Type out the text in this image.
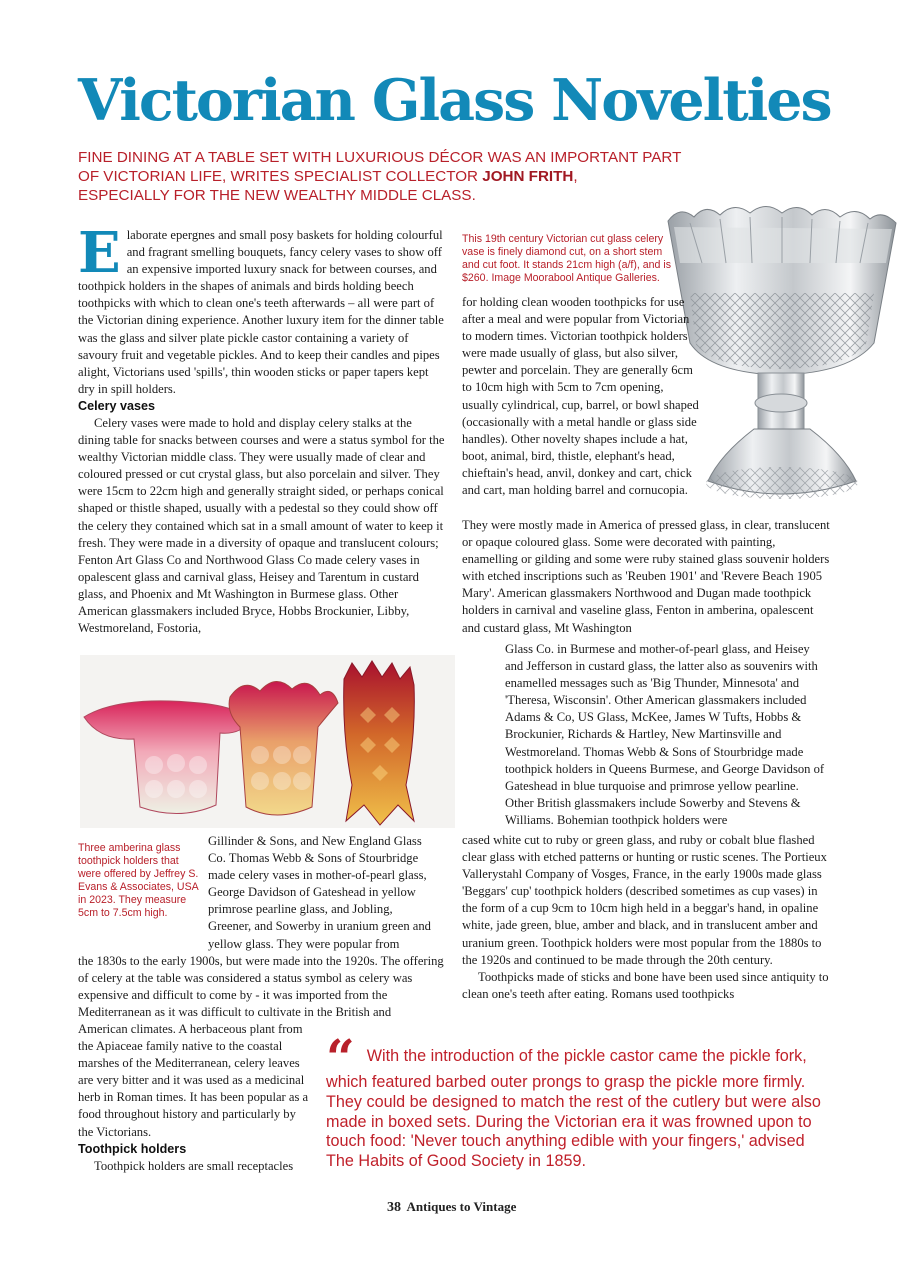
Victorian Glass Novelties
FINE DINING AT A TABLE SET WITH LUXURIOUS DÉCOR WAS AN IMPORTANT PART
OF VICTORIAN LIFE, WRITES SPECIALIST COLLECTOR JOHN FRITH,
ESPECIALLY FOR THE NEW WEALTHY MIDDLE CLASS.

Elaborate epergnes and small posy baskets for holding colourful and fragrant smelling bouquets, fancy celery vases to show off an expensive imported luxury snack for between courses, and toothpick holders in the shapes of animals and birds holding beech toothpicks with which to clean one's teeth afterwards – all were part of the Victorian dining experience. Another luxury item for the dinner table was the glass and silver plate pickle castor containing a variety of savoury fruit and vegetable pickles. And to keep their candles and pipes alight, Victorians used 'spills', thin wooden sticks or paper tapers kept dry in spill holders.

Celery vases

Celery vases were made to hold and display celery stalks at the dining table for snacks between courses and were a status symbol for the wealthy Victorian middle class. They were usually made of clear and coloured pressed or cut crystal glass, but also porcelain and silver. They were 15cm to 22cm high and generally straight sided, or perhaps conical shaped or thistle shaped, usually with a pedestal so they could show off the celery they contained which sat in a small amount of water to keep it fresh. They were made in a diversity of opaque and translucent colours; Fenton Art Glass Co and Northwood Glass Co made celery vases in opalescent glass and carnival glass, Heisey and Tarentum in custard glass, and Phoenix and Mt Washington in Burmese glass. Other American glassmakers included Bryce, Hobbs Brockunier, Libby, Westmoreland, Fostoria,

This 19th century Victorian cut glass celery vase is finely diamond cut, on a short stem and cut foot. It stands 21cm high (a/f), and is $260. Image Moorabool Antique Galleries.
for holding clean wooden toothpicks for use after a meal and were popular from Victorian to modern times. Victorian toothpick holders were made usually of glass, but also silver, pewter and porcelain. They are generally 6cm to 10cm high with 5cm to 7cm opening, usually cylindrical, cup, barrel, or bowl shaped (occasionally with a metal handle or glass side handles). Other novelty shapes include a hat, boot, animal, bird, thistle, elephant's head, chieftain's head, anvil, donkey and cart, chick and cart, man holding barrel and cornucopia.
They were mostly made in America of pressed glass, in clear, translucent or opaque coloured glass. Some were decorated with painting, enamelling or gilding and some were ruby stained glass souvenir holders with etched inscriptions such as 'Reuben 1901' and 'Revere Beach 1905 Mary'. American glassmakers Northwood and Dugan made toothpick holders in carnival and vaseline glass, Fenton in amberina, opalescent and custard glass, Mt Washington
Glass Co. in Burmese and mother-of-pearl glass, and Heisey and Jefferson in custard glass, the latter also as souvenirs with enamelled messages such as 'Big Thunder, Minnesota' and 'Theresa, Wisconsin'. Other American glassmakers included Adams & Co, US Glass, McKee, James W Tufts, Hobbs & Brockunier, Richards & Hartley, New Martinsville and Westmoreland. Thomas Webb & Sons of Stourbridge made toothpick holders in Queens Burmese, and George Davidson of Gateshead in blue turquoise and primrose yellow pearline. Other British glassmakers include Sowerby and Stevens & Williams. Bohemian toothpick holders were

cased white cut to ruby or green glass, and ruby or cobalt blue flashed clear glass with etched patterns or hunting or rustic scenes. The Portieux Vallerystahl Company of Vosges, France, in the early 1900s made glass 'Beggars' cup' toothpick holders (described sometimes as cup vases) in the form of a cup 9cm to 10cm high held in a beggar's hand, in opaline white, jade green, blue, amber and black, and in translucent amber and uranium green. Toothpick holders were most popular from the 1880s to the 1920s and continued to be made through the 20th century.

Toothpicks made of sticks and bone have been used since antiquity to clean one's teeth after eating. Romans used toothpicks

Three amberina glass toothpick holders that were offered by Jeffrey S. Evans & Associates, USA in 2023. They measure 5cm to 7.5cm high.
Gillinder & Sons, and New England Glass Co. Thomas Webb & Sons of Stourbridge made celery vases in mother-of-pearl glass, George Davidson of Gateshead in yellow primrose pearline glass, and Jobling, Greener, and Sowerby in uranium green and yellow glass. They were popular from
the 1830s to the early 1900s, but were made into the 1920s. The offering of celery at the table was considered a status symbol as celery was expensive and difficult to come by - it was imported from the Mediterranean as it was difficult to cultivate in the British and

American climates. A herbaceous plant from the Apiaceae family native to the coastal marshes of the Mediterranean, celery leaves are very bitter and it was used as a medicinal herb in Roman times. It has been popular as a food throughout history and particularly by the Victorians.

Toothpick holders

Toothpick holders are small receptacles

“ With the introduction of the pickle castor came the pickle fork, which featured barbed outer prongs to grasp the pickle more firmly. They could be designed to match the rest of the cutlery but were also made in boxed sets. During the Victorian era it was frowned upon to touch food: 'Never touch anything edible with your fingers,' advised The Habits of Good Society in 1859.
38 Antiques to Vintage
